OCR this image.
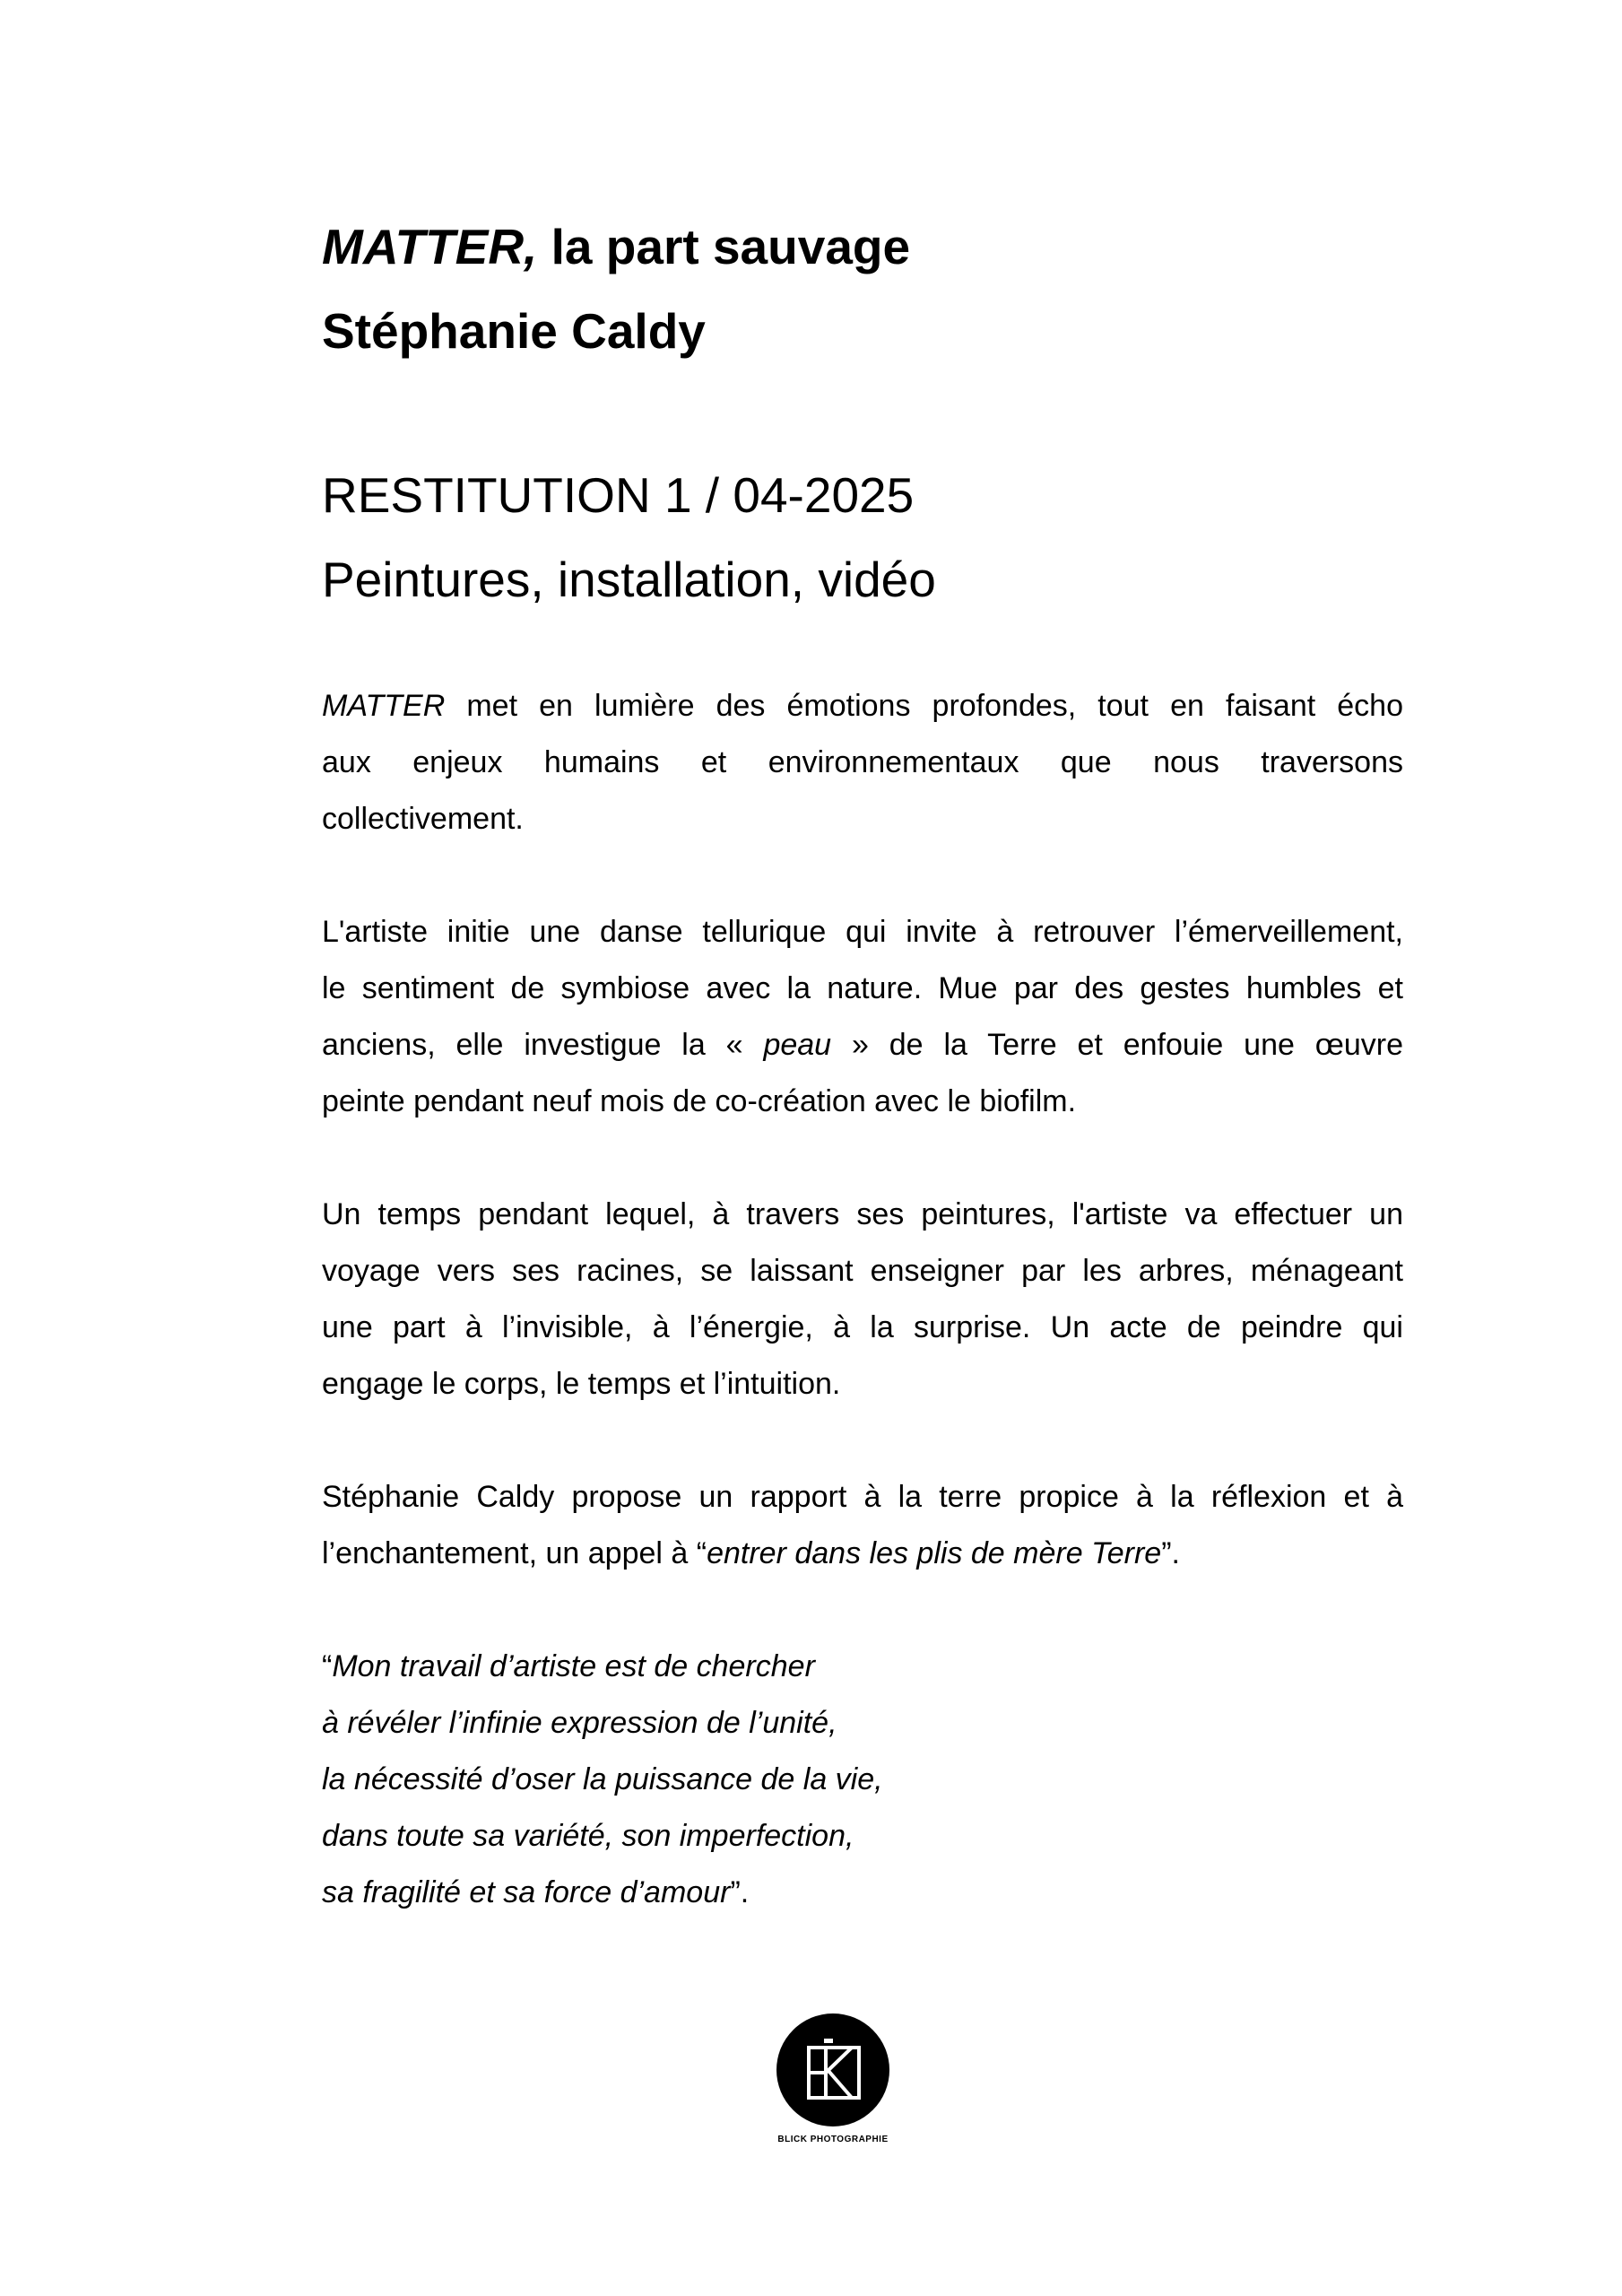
MATTER, la part sauvage

Stéphanie Caldy

RESTITUTION 1 / 04-2025

Peintures, installation, vidéo

MATTER met en lumière des émotions profondes, tout en faisant écho
aux enjeux humains et environnementaux que nous traversons
collectivement.
L'artiste initie une danse tellurique qui invite à retrouver l’émerveillement,
le sentiment de symbiose avec la nature. Mue par des gestes humbles et
anciens, elle investigue la « peau » de la Terre et enfouie une œuvre
peinte pendant neuf mois de co-création avec le biofilm.
Un temps pendant lequel, à travers ses peintures, l'artiste va effectuer un
voyage vers ses racines, se laissant enseigner par les arbres, ménageant
une part à l’invisible, à l’énergie, à la surprise. Un acte de peindre qui
engage le corps, le temps et l’intuition.
Stéphanie Caldy propose un rapport à la terre propice à la réflexion et à
l’enchantement, un appel à “entrer dans les plis de mère Terre”.
“Mon travail d’artiste est de chercher
à révéler l’infinie expression de l’unité,
la nécessité d’oser la puissance de la vie,
dans toute sa variété, son imperfection,
sa fragilité et sa force d’amour”.
BLICK PHOTOGRAPHIE
